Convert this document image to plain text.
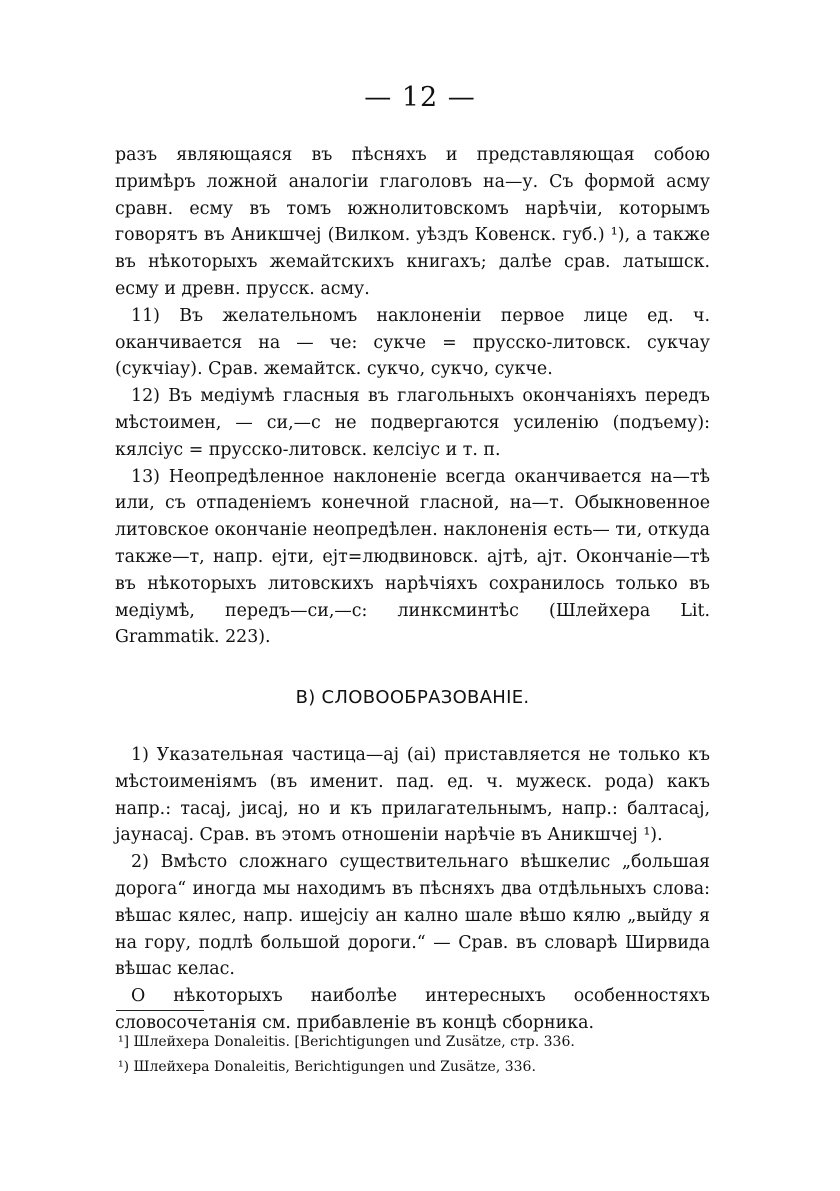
— 12 —

разъ являющаяся въ пѣсняхъ и представляющая собою примѣръ ложной аналогіи глаголовъ на—у. Съ формой асму сравн. есму въ томъ южнолитовскомъ нарѣчіи, которымъ говорятъ въ Аникшчеј (Вилком. уѣздъ Ковенск. губ.) ¹), а также въ нѣкоторыхъ жемайтскихъ книгахъ; далѣе срав. латышск. есму и древн. прусск. асму.

11) Въ желательномъ наклоненіи первое лице ед. ч. оканчивается на — че: сукче = прусско-литовск. сукчау (сукчіау). Срав. жемайтск. сукчо, сукчо, сукче.

12) Въ медіумѣ гласныя въ глагольныхъ окончаніяхъ передъ мѣстоимен, — си,—с не подвергаются усиленію (подъему): кялсіус = прусско-литовск. келсіус и т. п.

13) Неопредѣленное наклоненіе всегда оканчивается на—тѣ или, съ отпаденіемъ конечной гласной, на—т. Обыкновенное литовское окончаніе неопредѣлен. наклоненія есть— ти, откуда также—т, напр. ејти, ејт=людвиновск. ајтѣ, ајт. Окончаніе—тѣ въ нѣкоторыхъ литовскихъ нарѣчіяхъ сохранилось только въ медіумѣ, передъ—си,—с: линксминтѣс (Шлейхера Lit. Grammatik. 223).

В) СЛОВООБРАЗОВАНІЕ.

1) Указательная частица—ај (аі) приставляется не только къ мѣстоименіямъ (въ именит. пад. ед. ч. мужеск. рода) какъ напр.: тасај, јисај, но и къ прилагательнымъ, напр.: балтасај, јаунасај. Срав. въ этомъ отношеніи нарѣчіе въ Аникшчеј ¹).

2) Вмѣсто сложнаго существительнаго вѣшкелис „большая дорога“ иногда мы находимъ въ пѣсняхъ два отдѣльныхъ слова: вѣшас кялес, напр. ишејсіу ан кално шале вѣшо кялю „выйду я на гору, подлѣ большой дороги.“ — Срав. въ словарѣ Ширвида вѣшас келас.

О нѣкоторыхъ наиболѣе интересныхъ особенностяхъ словосочетанія см. прибавленіе въ концѣ сборника.

¹] Шлейхера Donaleitis. [Berichtigungen und Zusätze, стр. 336.

¹) Шлейхера Donaleitis, Berichtigungen und Zusätze, 336.
